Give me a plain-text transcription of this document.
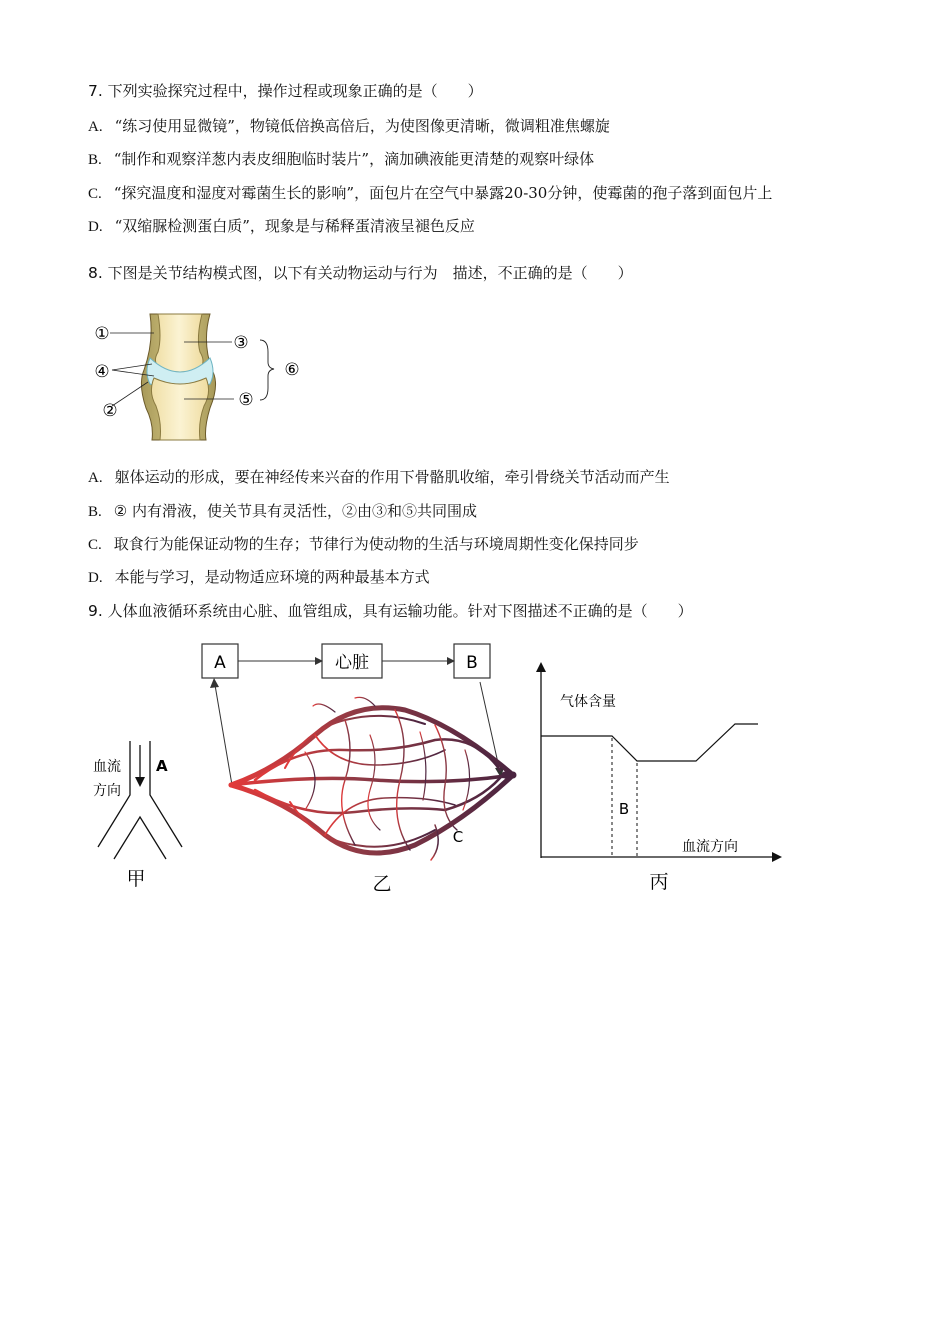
7. 下列实验探究过程中，操作过程或现象正确的是（　　）
A. “练习使用显微镜”，物镜低倍换高倍后，为使图像更清晰，微调粗准焦螺旋
B. “制作和观察洋葱内表皮细胞临时装片”，滴加碘液能更清楚的观察叶绿体
C. “探究温度和湿度对霉菌生长的影响”，面包片在空气中暴露20-30分钟，使霉菌的孢子落到面包片上
D. “双缩脲检测蛋白质”，现象是与稀释蛋清液呈褪色反应
8. 下图是关节结构模式图，以下有关动物运动与行为　描述，不正确的是（　　）
①
②
③
④
⑤
⑥
A. 躯体运动的形成，要在神经传来兴奋的作用下骨骼肌收缩，牵引骨绕关节活动而产生
B. ② 内有滑液，使关节具有灵活性，②由③和⑤共同围成
C. 取食行为能保证动物的生存；节律行为使动物的生活与环境周期性变化保持同步
D. 本能与学习，是动物适应环境的两种最基本方式
9. 人体血液循环系统由心脏、血管组成，具有运输功能。针对下图描述不正确的是（　　）
血流
方向
A
甲
A	心脏	B
C
乙
气体含量
血流方向
B
丙
